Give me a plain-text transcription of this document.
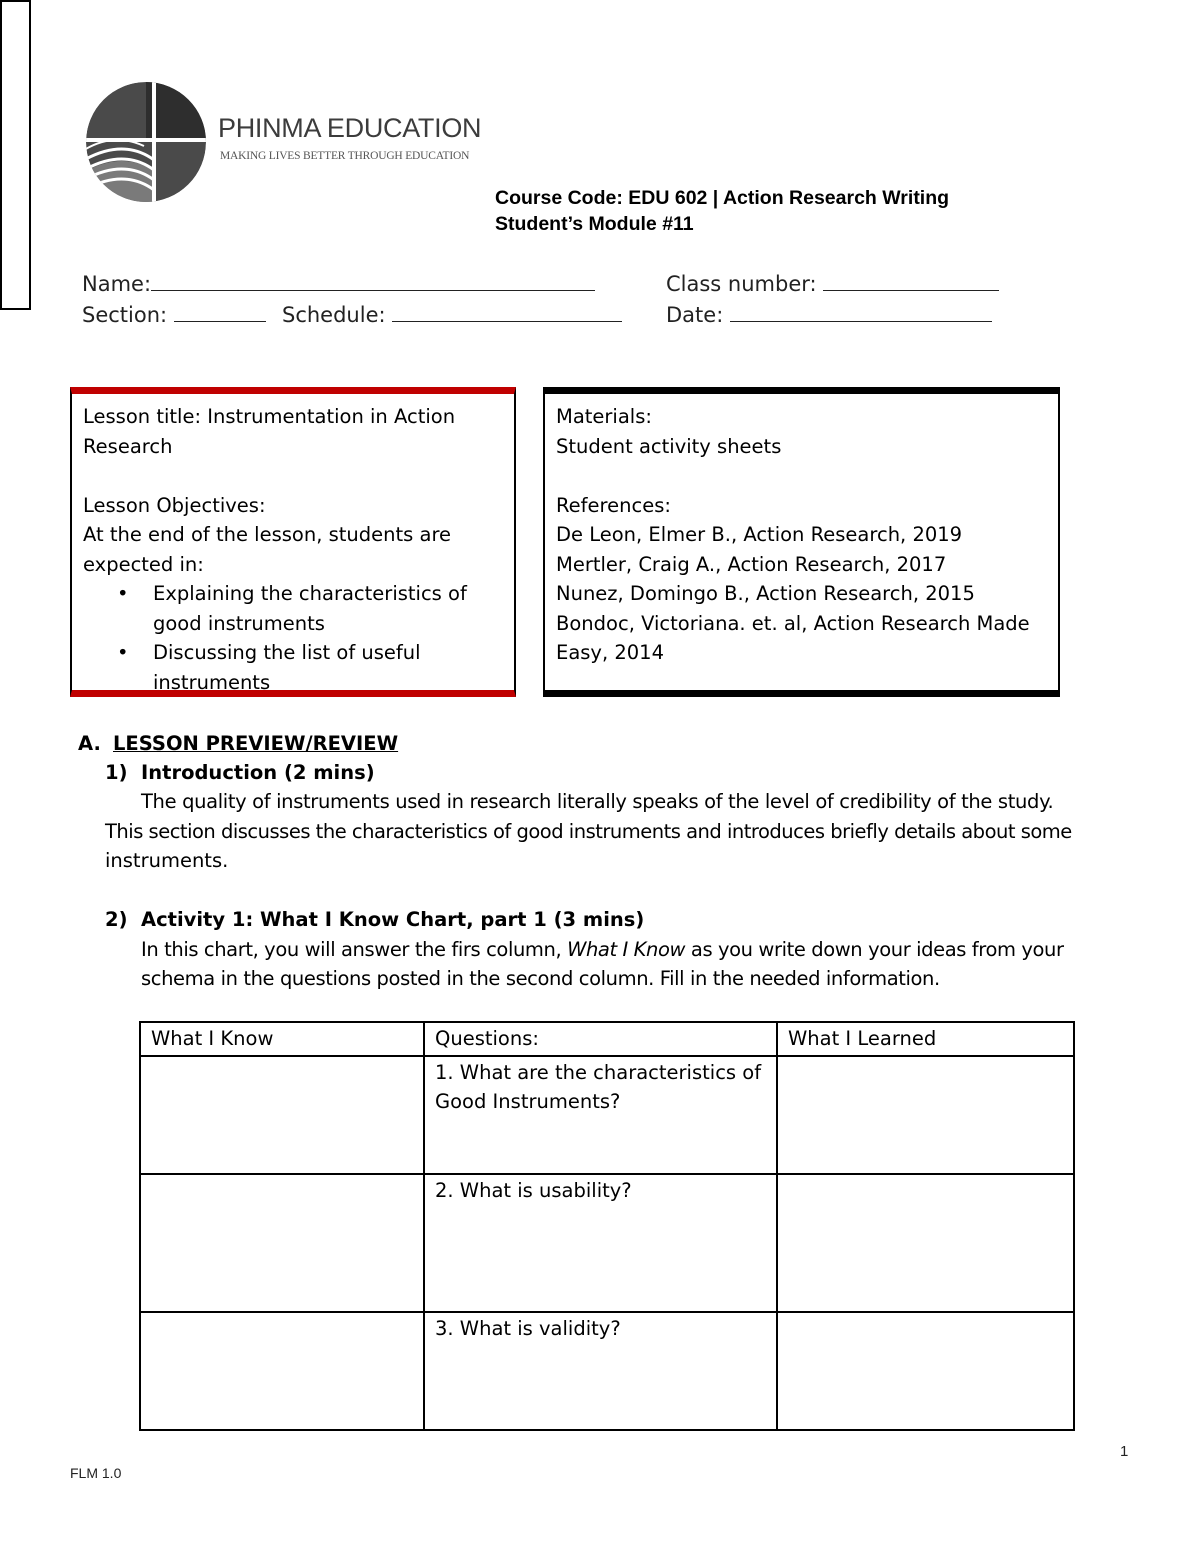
PHINMA EDUCATION
MAKING LIVES BETTER THROUGH EDUCATION
Course Code: EDU 602 | Action Research Writing
Student’s Module #11
Name:	Class number:
Section:	Schedule:	Date:

Lesson title: Instrumentation in Action

Research

Lesson Objectives:

At the end of the lesson, students are

expected in:

• Explaining the characteristics of good instruments
• Discussing the list of useful instruments

Materials:

Student activity sheets

References:

De Leon, Elmer B., Action Research, 2019

Mertler, Craig A., Action Research, 2017

Nunez, Domingo B., Action Research, 2015

Bondoc, Victoriana. et. al, Action Research Made

Easy, 2014

A. LESSON PREVIEW/REVIEW
1) Introduction (2 mins)
The quality of instruments used in research literally speaks of the level of credibility of the study.
This section discusses the characteristics of good instruments and introduces briefly details about some
instruments.
2) Activity 1: What I Know Chart, part 1 (3 mins)
In this chart, you will answer the firs column, What I Know as you write down your ideas from your
schema in the questions posted in the second column. Fill in the needed information.
What I Know	Questions:	What I Learned
	1. What are the characteristics of Good Instruments?	
	2. What is usability?	
	3. What is validity?	
1
FLM 1.0
